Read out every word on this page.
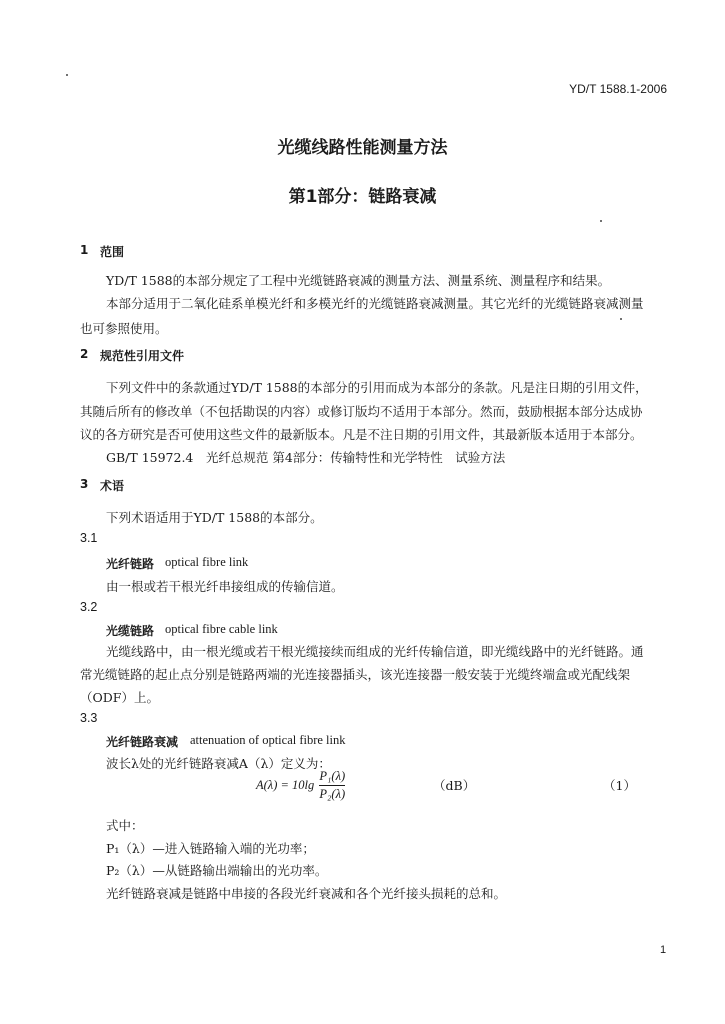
YD/T 1588.1-2006
光缆线路性能测量方法
第1部分：链路衰减
1 范围
YD/T 1588的本部分规定了工程中光缆链路衰减的测量方法、测量系统、测量程序和结果。
本部分适用于二氧化硅系单模光纤和多模光纤的光缆链路衰减测量。其它光纤的光缆链路衰减测量
也可参照使用。
2 规范性引用文件
下列文件中的条款通过YD/T 1588的本部分的引用而成为本部分的条款。凡是注日期的引用文件，
其随后所有的修改单（不包括勘误的内容）或修订版均不适用于本部分。然而，鼓励根据本部分达成协
议的各方研究是否可使用这些文件的最新版本。凡是不注日期的引用文件，其最新版本适用于本部分。
GB/T 15972.4　光纤总规范 第4部分：传输特性和光学特性　试验方法
3 术语
下列术语适用于YD/T 1588的本部分。
3.1
光纤链路 optical fibre link
由一根或若干根光纤串接组成的传输信道。
3.2
光缆链路 optical fibre cable link
光缆线路中，由一根光缆或若干根光缆接续而组成的光纤传输信道，即光缆线路中的光纤链路。通
常光缆链路的起止点分别是链路两端的光连接器插头，该光连接器一般安装于光缆终端盒或光配线架
（ODF）上。
3.3
光纤链路衰减 attenuation of optical fibre link
波长λ处的光纤链路衰减A（λ）定义为：
$A(\lambda) = 10\lg \frac{\text{P₁(λ)}}{\text{P₂(λ)}}$	（dB）	（1）
式中：
P₁（λ）—进入链路输入端的光功率；
P₂（λ）—从链路输出端输出的光功率。
光纤链路衰减是链路中串接的各段光纤衰减和各个光纤接头损耗的总和。
1
